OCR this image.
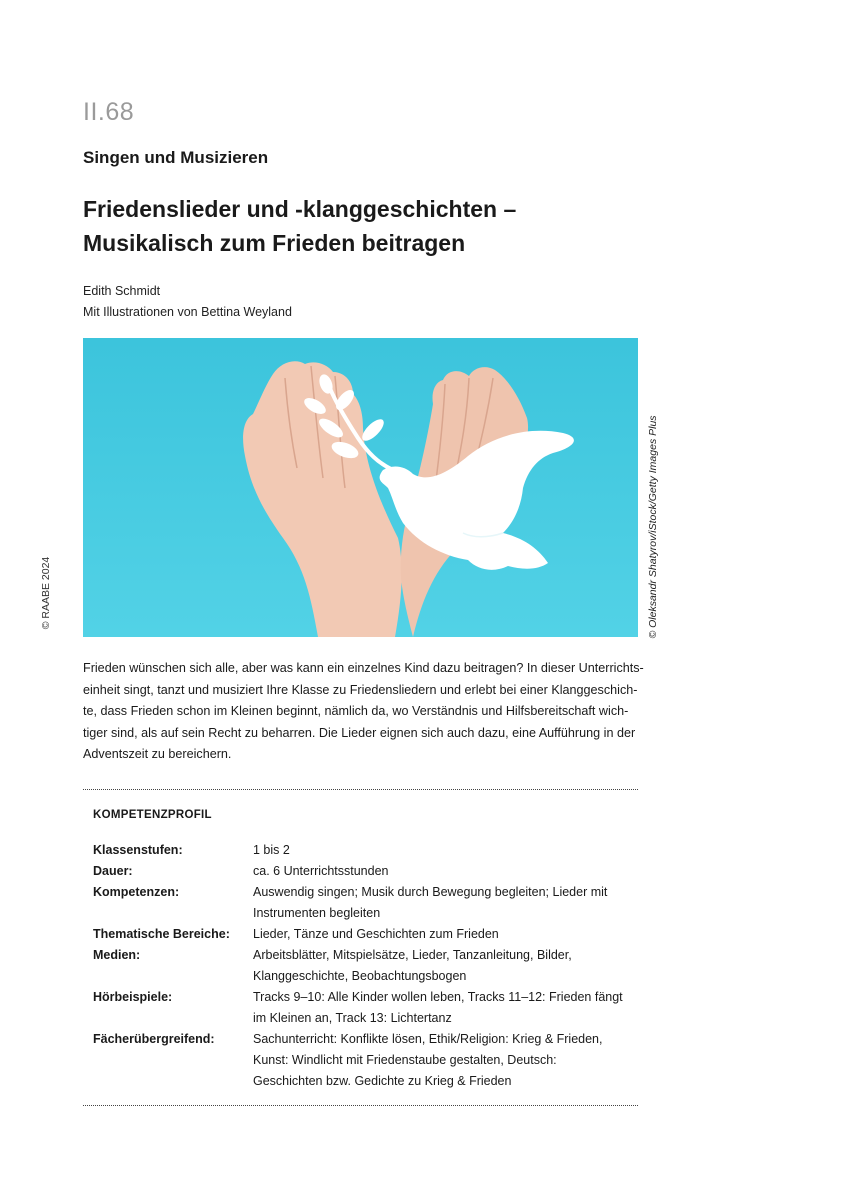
II.68
Singen und Musizieren
Friedenslieder und -klanggeschichten –
Musikalisch zum Frieden beitragen
Edith Schmidt
Mit Illustrationen von Bettina Weyland
© RAABE 2024	© Oleksandr Shatyrov/iStock/Getty Images Plus
Frieden wünschen sich alle, aber was kann ein einzelnes Kind dazu beitragen? In dieser Unterrichts-
einheit singt, tanzt und musiziert Ihre Klasse zu Friedensliedern und erlebt bei einer Klanggeschich-
te, dass Frieden schon im Kleinen beginnt, nämlich da, wo Verständnis und Hilfsbereitschaft wich-
tiger sind, als auf sein Recht zu beharren. Die Lieder eignen sich auch dazu, eine Aufführung in der
Adventszeit zu bereichern.
KOMPETENZPROFIL
Klassenstufen:	1 bis 2
Dauer:	ca. 6 Unterrichtsstunden
Kompetenzen:	Auswendig singen; Musik durch Bewegung begleiten; Lieder mit
Instrumenten begleiten
Thematische Bereiche:	Lieder, Tänze und Geschichten zum Frieden
Medien:	Arbeitsblätter, Mitspielsätze, Lieder, Tanzanleitung, Bilder,
Klanggeschichte, Beobachtungsbogen
Hörbeispiele:	Tracks 9–10: Alle Kinder wollen leben, Tracks 11–12: Frieden fängt
im Kleinen an, Track 13: Lichtertanz
Fächerübergreifend:	Sachunterricht: Konflikte lösen, Ethik/Religion: Krieg & Frieden,
Kunst: Windlicht mit Friedenstaube gestalten, Deutsch:
Geschichten bzw. Gedichte zu Krieg & Frieden
